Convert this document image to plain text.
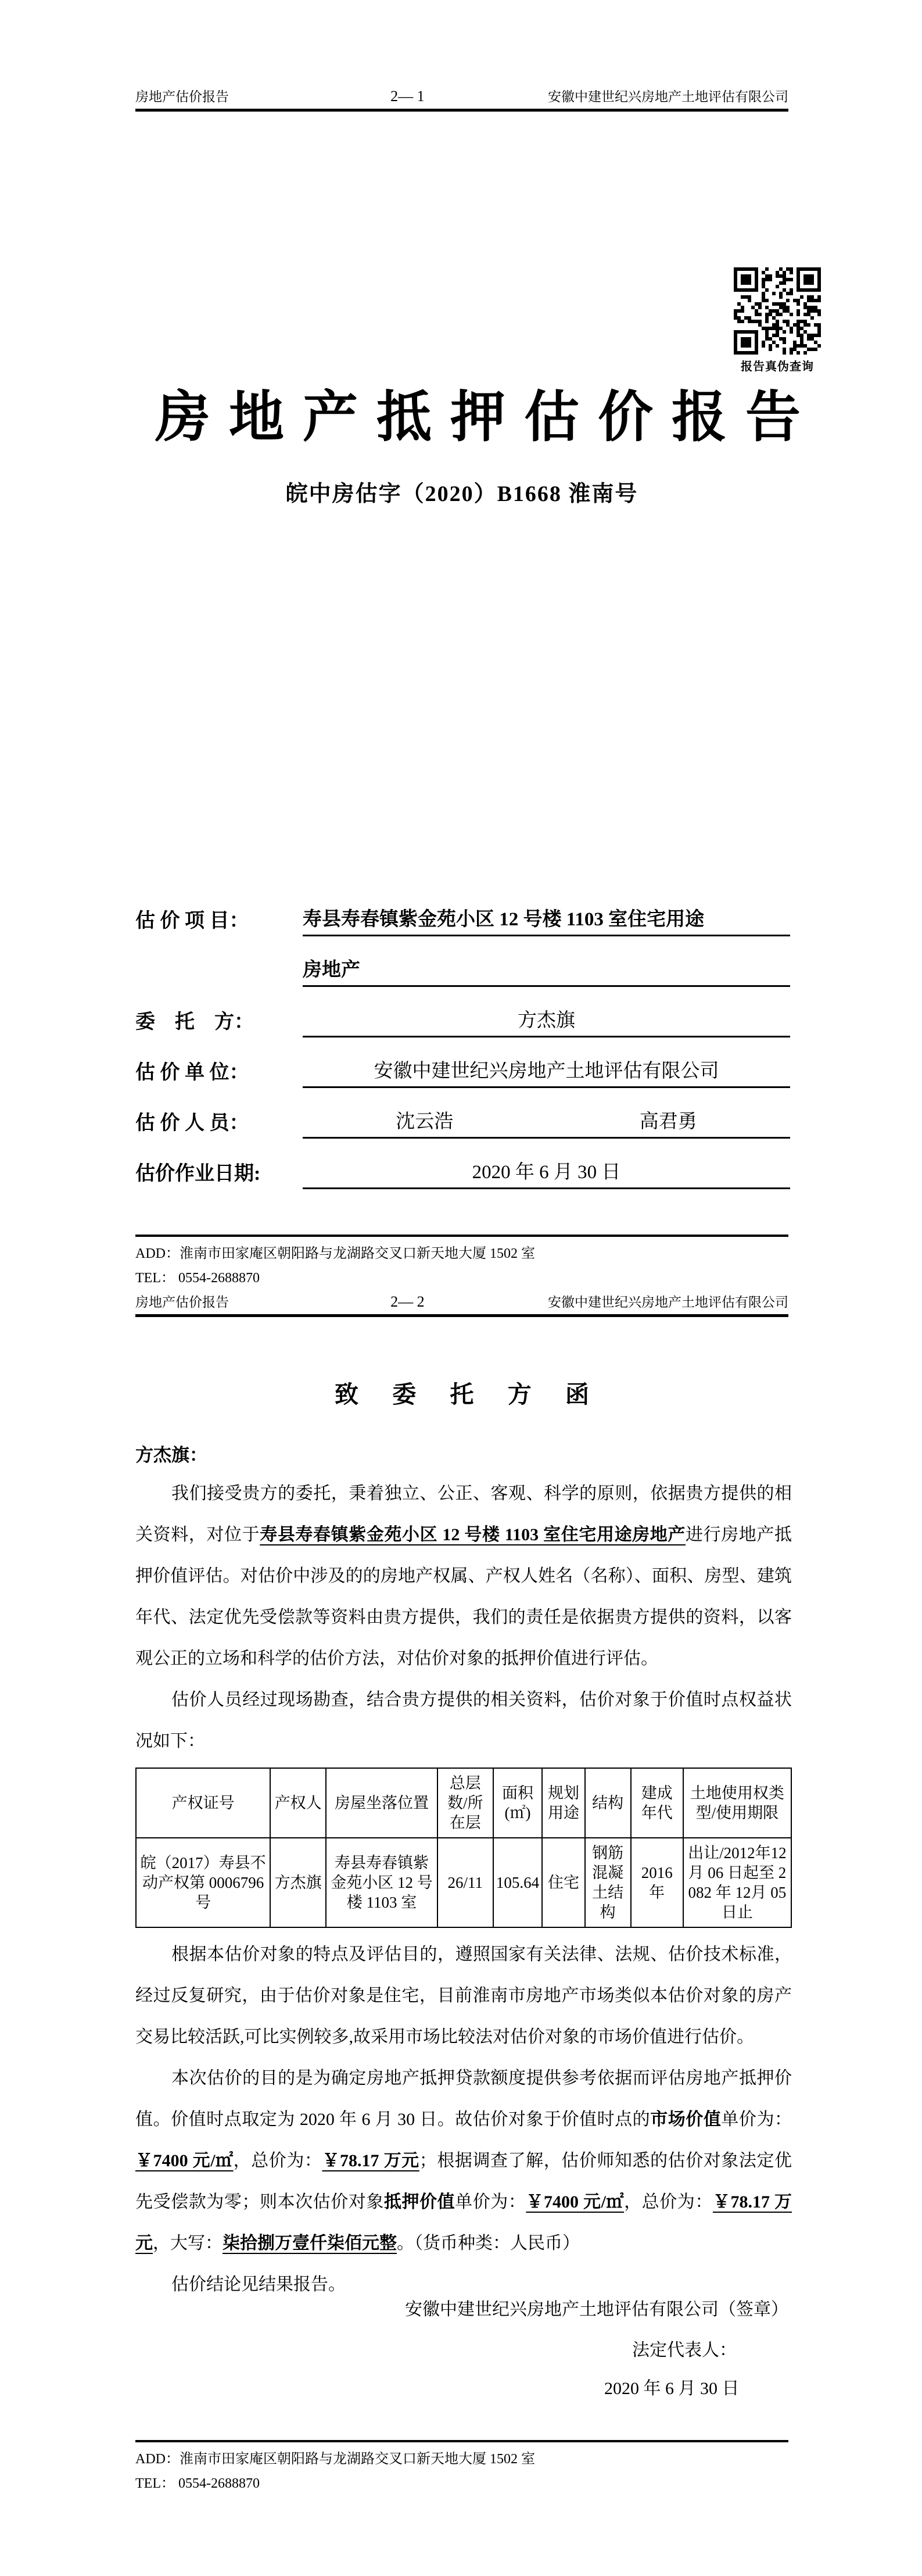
房地产估价报告	2— 1	安徽中建世纪兴房地产土地评估有限公司
报告真伪查询
房地产抵押估价报告
皖中房估字（2020）B1668 淮南号
估 价 项 目：	寿县寿春镇紫金苑小区 12 号楼 1103 室住宅用途
房地产
委　托　方：	方杰旗
估 价 单 位：	安徽中建世纪兴房地产土地评估有限公司
估 价 人 员：	沈云浩	高君勇
估价作业日期:	2020 年 6 月 30 日
ADD：淮南市田家庵区朝阳路与龙湖路交叉口新天地大厦 1502 室
TEL： 0554-2688870
房地产估价报告	2— 2	安徽中建世纪兴房地产土地评估有限公司
致 委 托 方 函
方杰旗：

我们接受贵方的委托，秉着独立、公正、客观、科学的原则，依据贵方提供的相关资料，对位于寿县寿春镇紫金苑小区 12 号楼 1103 室住宅用途房地产进行房地产抵押价值评估。对估价中涉及的的房地产权属、产权人姓名（名称）、面积、房型、建筑年代、法定优先受偿款等资料由贵方提供，我们的责任是依据贵方提供的资料，以客观公正的立场和科学的估价方法，对估价对象的抵押价值进行评估。

估价人员经过现场勘查，结合贵方提供的相关资料，估价对象于价值时点权益状况如下：

产权证号	产权人	房屋坐落位置	总层数/所在层	面积(㎡)	规划用途	结构	建成年代	土地使用权类型/使用期限
皖（2017）寿县不动产权第 0006796 号	方杰旗	寿县寿春镇紫金苑小区 12 号楼 1103 室	26/11	105.64	住宅	钢筋混凝土结构	2016 年	出让/2012年12 月 06 日起至 2082 年 12月 05 日止

根据本估价对象的特点及评估目的，遵照国家有关法律、法规、估价技术标准，经过反复研究，由于估价对象是住宅，目前淮南市房地产市场类似本估价对象的房产交易比较活跃,可比实例较多,故采用市场比较法对估价对象的市场价值进行估价。

本次估价的目的是为确定房地产抵押贷款额度提供参考依据而评估房地产抵押价值。价值时点取定为 2020 年 6 月 30 日。故估价对象于价值时点的市场价值单价为：￥7400 元/㎡，总价为：￥78.17 万元；根据调查了解，估价师知悉的估价对象法定优先受偿款为零；则本次估价对象抵押价值单价为：￥7400 元/㎡，总价为：￥78.17 万元，大写：柒拾捌万壹仟柒佰元整。（货币种类：人民币）

估价结论见结果报告。

安徽中建世纪兴房地产土地评估有限公司（签章）
法定代表人：
2020 年 6 月 30 日
ADD：淮南市田家庵区朝阳路与龙湖路交叉口新天地大厦 1502 室
TEL： 0554-2688870
